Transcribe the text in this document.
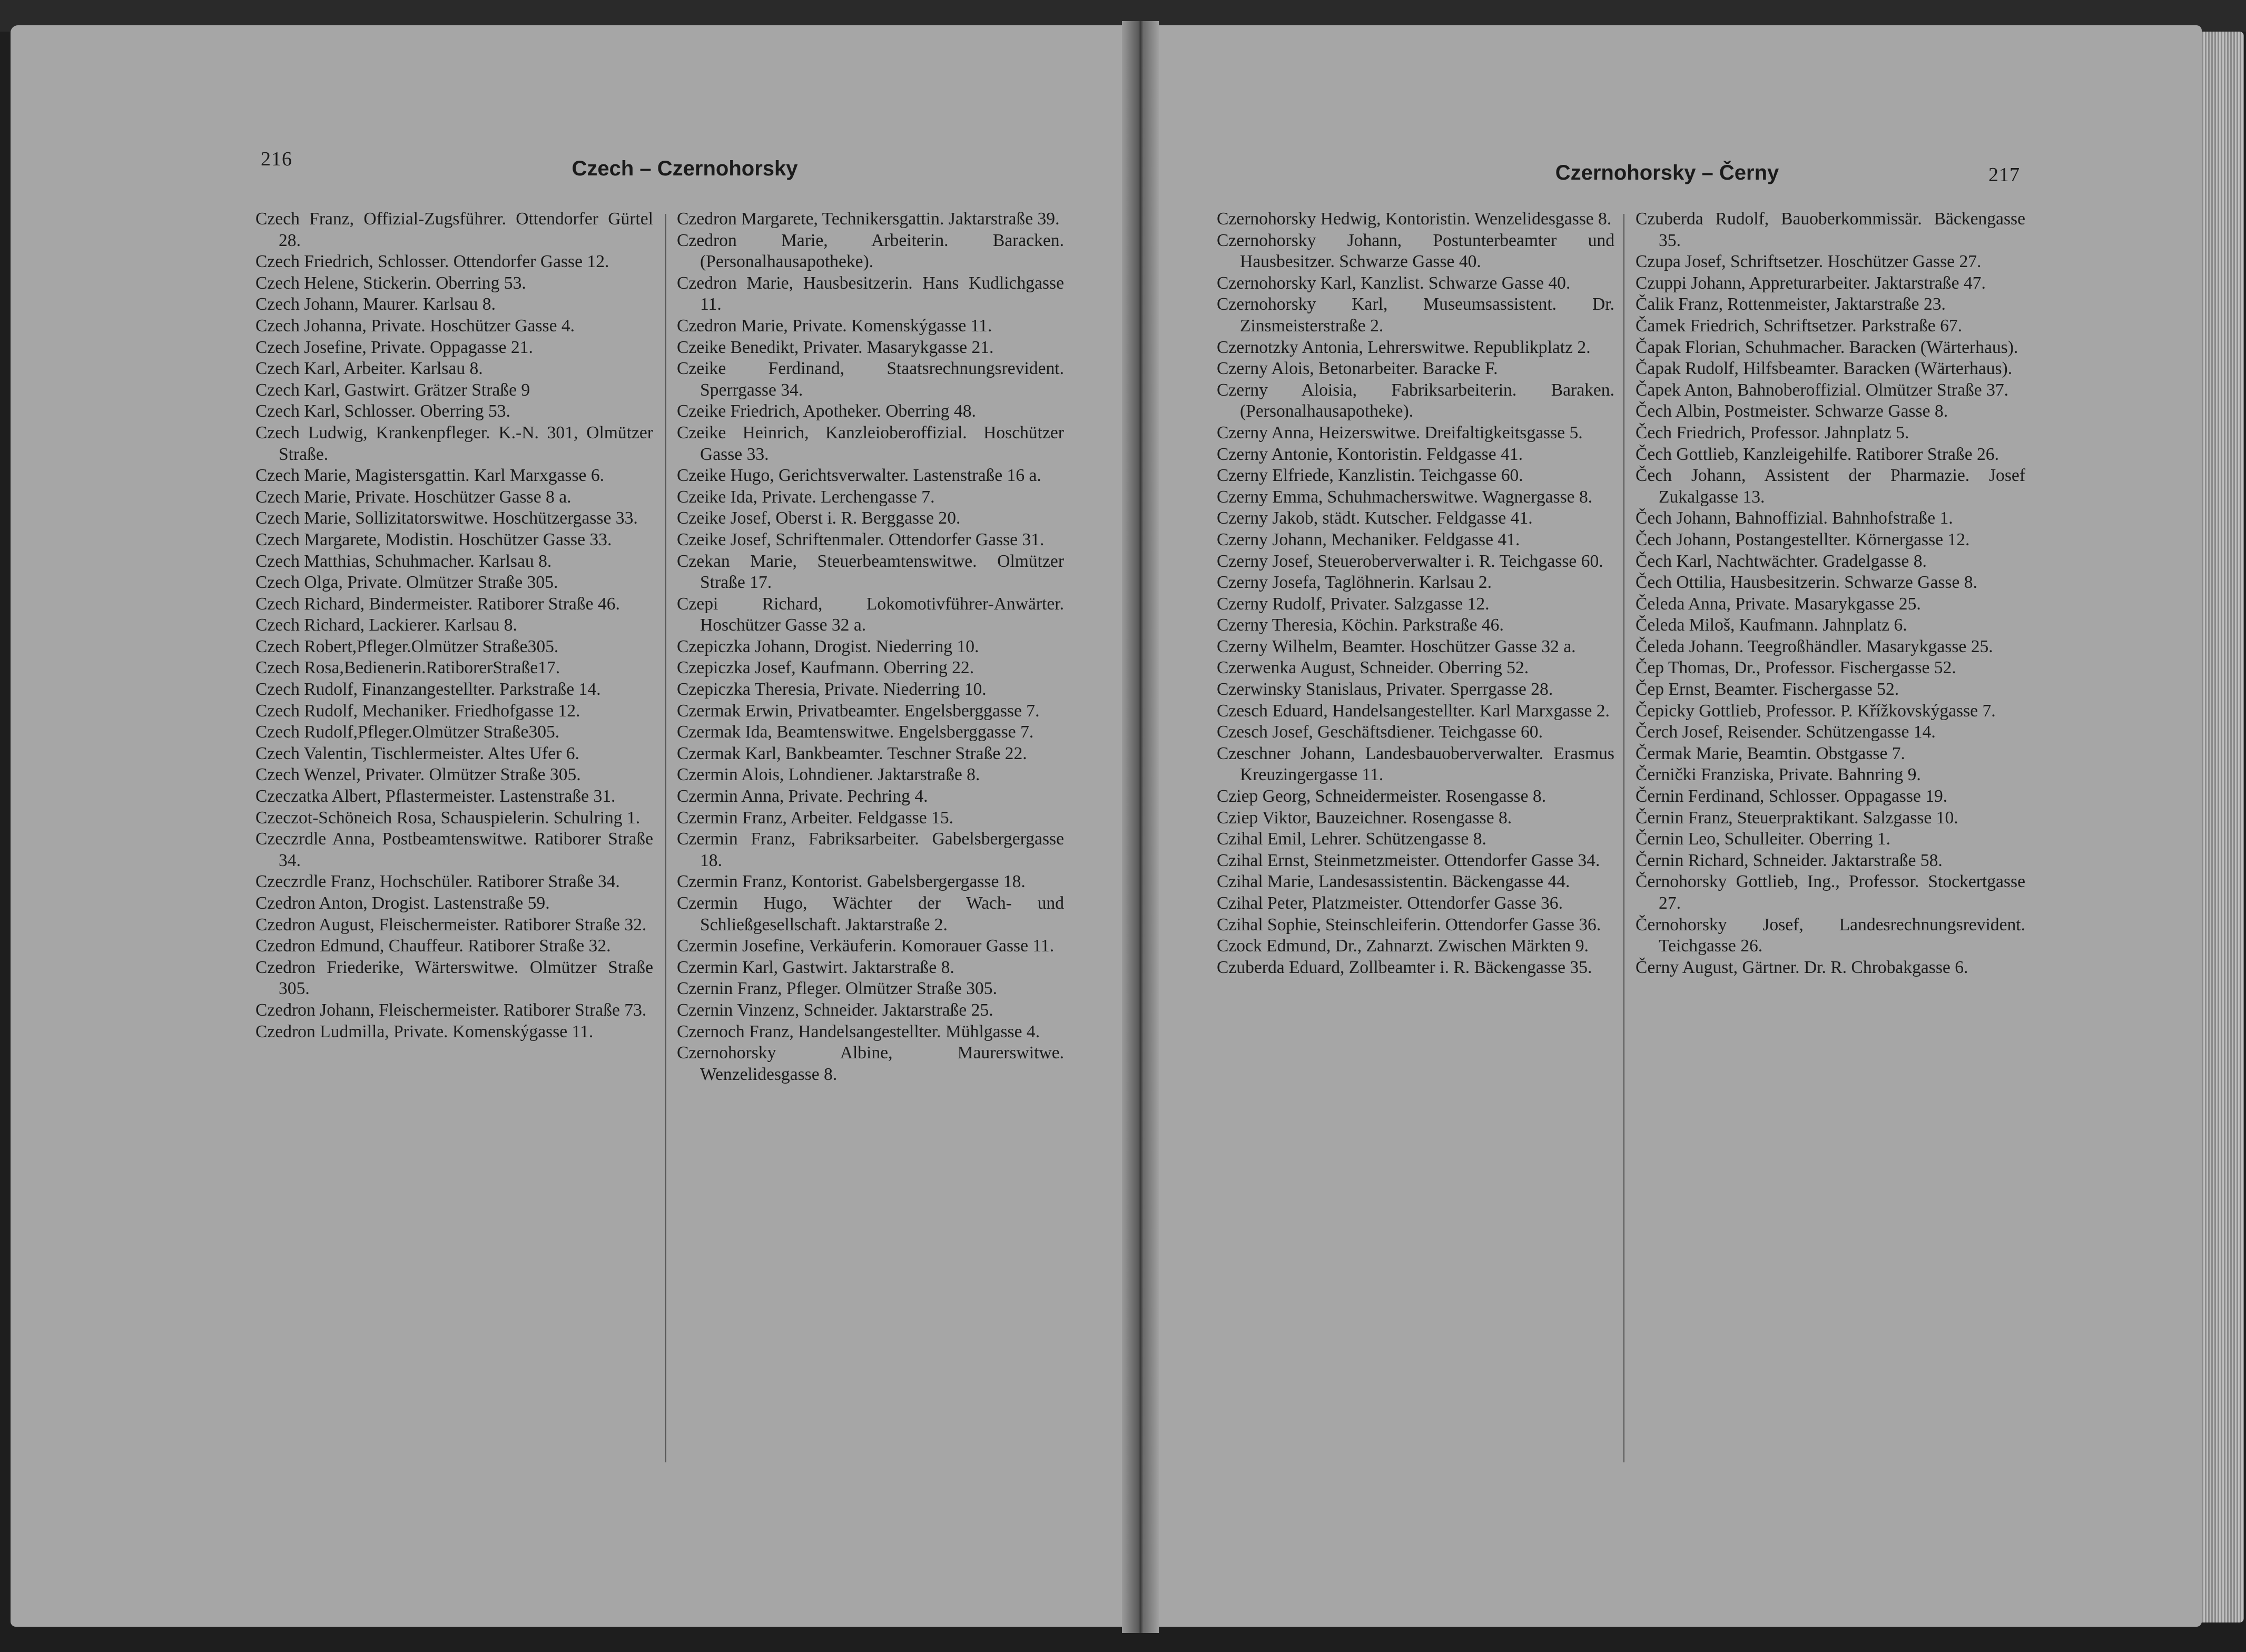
216	Czech – Czernohorsky

Czech Franz, Offizial-Zugsführer. Ottendorfer Gürtel 28.

Czech Friedrich, Schlosser. Ottendorfer Gasse 12.

Czech Helene, Stickerin. Oberring 53.

Czech Johann, Maurer. Karlsau 8.

Czech Johanna, Private. Hoschützer Gasse 4.

Czech Josefine, Private. Oppagasse 21.

Czech Karl, Arbeiter. Karlsau 8.

Czech Karl, Gastwirt. Grätzer Straße 9

Czech Karl, Schlosser. Oberring 53.

Czech Ludwig, Krankenpfleger. K.-N. 301, Olmützer Straße.

Czech Marie, Magistersgattin. Karl Marxgasse 6.

Czech Marie, Private. Hoschützer Gasse 8 a.

Czech Marie, Sollizitatorswitwe. Hoschützergasse 33.

Czech Margarete, Modistin. Hoschützer Gasse 33.

Czech Matthias, Schuhmacher. Karlsau 8.

Czech Olga, Private. Olmützer Straße 305.

Czech Richard, Bindermeister. Ratiborer Straße 46.

Czech Richard, Lackierer. Karlsau 8.

Czech Robert,Pfleger.Olmützer Straße305.

Czech Rosa,Bedienerin.RatiborerStraße17.

Czech Rudolf, Finanzangestellter. Parkstraße 14.

Czech Rudolf, Mechaniker. Friedhofgasse 12.

Czech Rudolf,Pfleger.Olmützer Straße305.

Czech Valentin, Tischlermeister. Altes Ufer 6.

Czech Wenzel, Privater. Olmützer Straße 305.

Czeczatka Albert, Pflastermeister. Lastenstraße 31.

Czeczot-Schöneich Rosa, Schauspielerin. Schulring 1.

Czeczrdle Anna, Postbeamtenswitwe. Ratiborer Straße 34.

Czeczrdle Franz, Hochschüler. Ratiborer Straße 34.

Czedron Anton, Drogist. Lastenstraße 59.

Czedron August, Fleischermeister. Ratiborer Straße 32.

Czedron Edmund, Chauffeur. Ratiborer Straße 32.

Czedron Friederike, Wärterswitwe. Olmützer Straße 305.

Czedron Johann, Fleischermeister. Ratiborer Straße 73.

Czedron Ludmilla, Private. Komenskýgasse 11.

Czedron Margarete, Technikersgattin. Jaktarstraße 39.

Czedron Marie, Arbeiterin. Baracken. (Personalhausapotheke).

Czedron Marie, Hausbesitzerin. Hans Kudlichgasse 11.

Czedron Marie, Private. Komenskýgasse 11.

Czeike Benedikt, Privater. Masarykgasse 21.

Czeike Ferdinand, Staatsrechnungsrevident. Sperrgasse 34.

Czeike Friedrich, Apotheker. Oberring 48.

Czeike Heinrich, Kanzleioberoffizial. Hoschützer Gasse 33.

Czeike Hugo, Gerichtsverwalter. Lastenstraße 16 a.

Czeike Ida, Private. Lerchengasse 7.

Czeike Josef, Oberst i. R. Berggasse 20.

Czeike Josef, Schriftenmaler. Ottendorfer Gasse 31.

Czekan Marie, Steuerbeamtenswitwe. Olmützer Straße 17.

Czepi Richard, Lokomotivführer-Anwärter. Hoschützer Gasse 32 a.

Czepiczka Johann, Drogist. Niederring 10.

Czepiczka Josef, Kaufmann. Oberring 22.

Czepiczka Theresia, Private. Niederring 10.

Czermak Erwin, Privatbeamter. Engelsberggasse 7.

Czermak Ida, Beamtenswitwe. Engelsberggasse 7.

Czermak Karl, Bankbeamter. Teschner Straße 22.

Czermin Alois, Lohndiener. Jaktarstraße 8.

Czermin Anna, Private. Pechring 4.

Czermin Franz, Arbeiter. Feldgasse 15.

Czermin Franz, Fabriksarbeiter. Gabelsbergergasse 18.

Czermin Franz, Kontorist. Gabelsbergergasse 18.

Czermin Hugo, Wächter der Wach- und Schließgesellschaft. Jaktarstraße 2.

Czermin Josefine, Verkäuferin. Komorauer Gasse 11.

Czermin Karl, Gastwirt. Jaktarstraße 8.

Czernin Franz, Pfleger. Olmützer Straße 305.

Czernin Vinzenz, Schneider. Jaktarstraße 25.

Czernoch Franz, Handelsangestellter. Mühlgasse 4.

Czernohorsky Albine, Maurerswitwe. Wenzelidesgasse 8.

Czernohorsky – Černy	217

Czernohorsky Hedwig, Kontoristin. Wenzelidesgasse 8.

Czernohorsky Johann, Postunterbeamter und Hausbesitzer. Schwarze Gasse 40.

Czernohorsky Karl, Kanzlist. Schwarze Gasse 40.

Czernohorsky Karl, Museumsassistent. Dr. Zinsmeisterstraße 2.

Czernotzky Antonia, Lehrerswitwe. Republikplatz 2.

Czerny Alois, Betonarbeiter. Baracke F.

Czerny Aloisia, Fabriksarbeiterin. Baraken. (Personalhausapotheke).

Czerny Anna, Heizerswitwe. Dreifaltigkeitsgasse 5.

Czerny Antonie, Kontoristin. Feldgasse 41.

Czerny Elfriede, Kanzlistin. Teichgasse 60.

Czerny Emma, Schuhmacherswitwe. Wagnergasse 8.

Czerny Jakob, städt. Kutscher. Feldgasse 41.

Czerny Johann, Mechaniker. Feldgasse 41.

Czerny Josef, Steueroberverwalter i. R. Teichgasse 60.

Czerny Josefa, Taglöhnerin. Karlsau 2.

Czerny Rudolf, Privater. Salzgasse 12.

Czerny Theresia, Köchin. Parkstraße 46.

Czerny Wilhelm, Beamter. Hoschützer Gasse 32 a.

Czerwenka August, Schneider. Oberring 52.

Czerwinsky Stanislaus, Privater. Sperrgasse 28.

Czesch Eduard, Handelsangestellter. Karl Marxgasse 2.

Czesch Josef, Geschäftsdiener. Teichgasse 60.

Czeschner Johann, Landesbauoberverwalter. Erasmus Kreuzingergasse 11.

Cziep Georg, Schneidermeister. Rosengasse 8.

Cziep Viktor, Bauzeichner. Rosengasse 8.

Czihal Emil, Lehrer. Schützengasse 8.

Czihal Ernst, Steinmetzmeister. Ottendorfer Gasse 34.

Czihal Marie, Landesassistentin. Bäckengasse 44.

Czihal Peter, Platzmeister. Ottendorfer Gasse 36.

Czihal Sophie, Steinschleiferin. Ottendorfer Gasse 36.

Czock Edmund, Dr., Zahnarzt. Zwischen Märkten 9.

Czuberda Eduard, Zollbeamter i. R. Bäckengasse 35.

Czuberda Rudolf, Bauoberkommissär. Bäckengasse 35.

Czupa Josef, Schriftsetzer. Hoschützer Gasse 27.

Czuppi Johann, Appreturarbeiter. Jaktarstraße 47.

Čalik Franz, Rottenmeister, Jaktarstraße 23.

Čamek Friedrich, Schriftsetzer. Parkstraße 67.

Čapak Florian, Schuhmacher. Baracken (Wärterhaus).

Čapak Rudolf, Hilfsbeamter. Baracken (Wärterhaus).

Čapek Anton, Bahnoberoffizial. Olmützer Straße 37.

Čech Albin, Postmeister. Schwarze Gasse 8.

Čech Friedrich, Professor. Jahnplatz 5.

Čech Gottlieb, Kanzleigehilfe. Ratiborer Straße 26.

Čech Johann, Assistent der Pharmazie. Josef Zukalgasse 13.

Čech Johann, Bahnoffizial. Bahnhofstraße 1.

Čech Johann, Postangestellter. Körnergasse 12.

Čech Karl, Nachtwächter. Gradelgasse 8.

Čech Ottilia, Hausbesitzerin. Schwarze Gasse 8.

Čeleda Anna, Private. Masarykgasse 25.

Čeleda Miloš, Kaufmann. Jahnplatz 6.

Čeleda Johann. Teegroßhändler. Masarykgasse 25.

Čep Thomas, Dr., Professor. Fischergasse 52.

Čep Ernst, Beamter. Fischergasse 52.

Čepicky Gottlieb, Professor. P. Křížkovskýgasse 7.

Čerch Josef, Reisender. Schützengasse 14.

Čermak Marie, Beamtin. Obstgasse 7.

Černički Franziska, Private. Bahnring 9.

Černin Ferdinand, Schlosser. Oppagasse 19.

Černin Franz, Steuerpraktikant. Salzgasse 10.

Černin Leo, Schulleiter. Oberring 1.

Černin Richard, Schneider. Jaktarstraße 58.

Černohorsky Gottlieb, Ing., Professor. Stockertgasse 27.

Černohorsky Josef, Landesrechnungsrevident. Teichgasse 26.

Černy August, Gärtner. Dr. R. Chrobakgasse 6.
